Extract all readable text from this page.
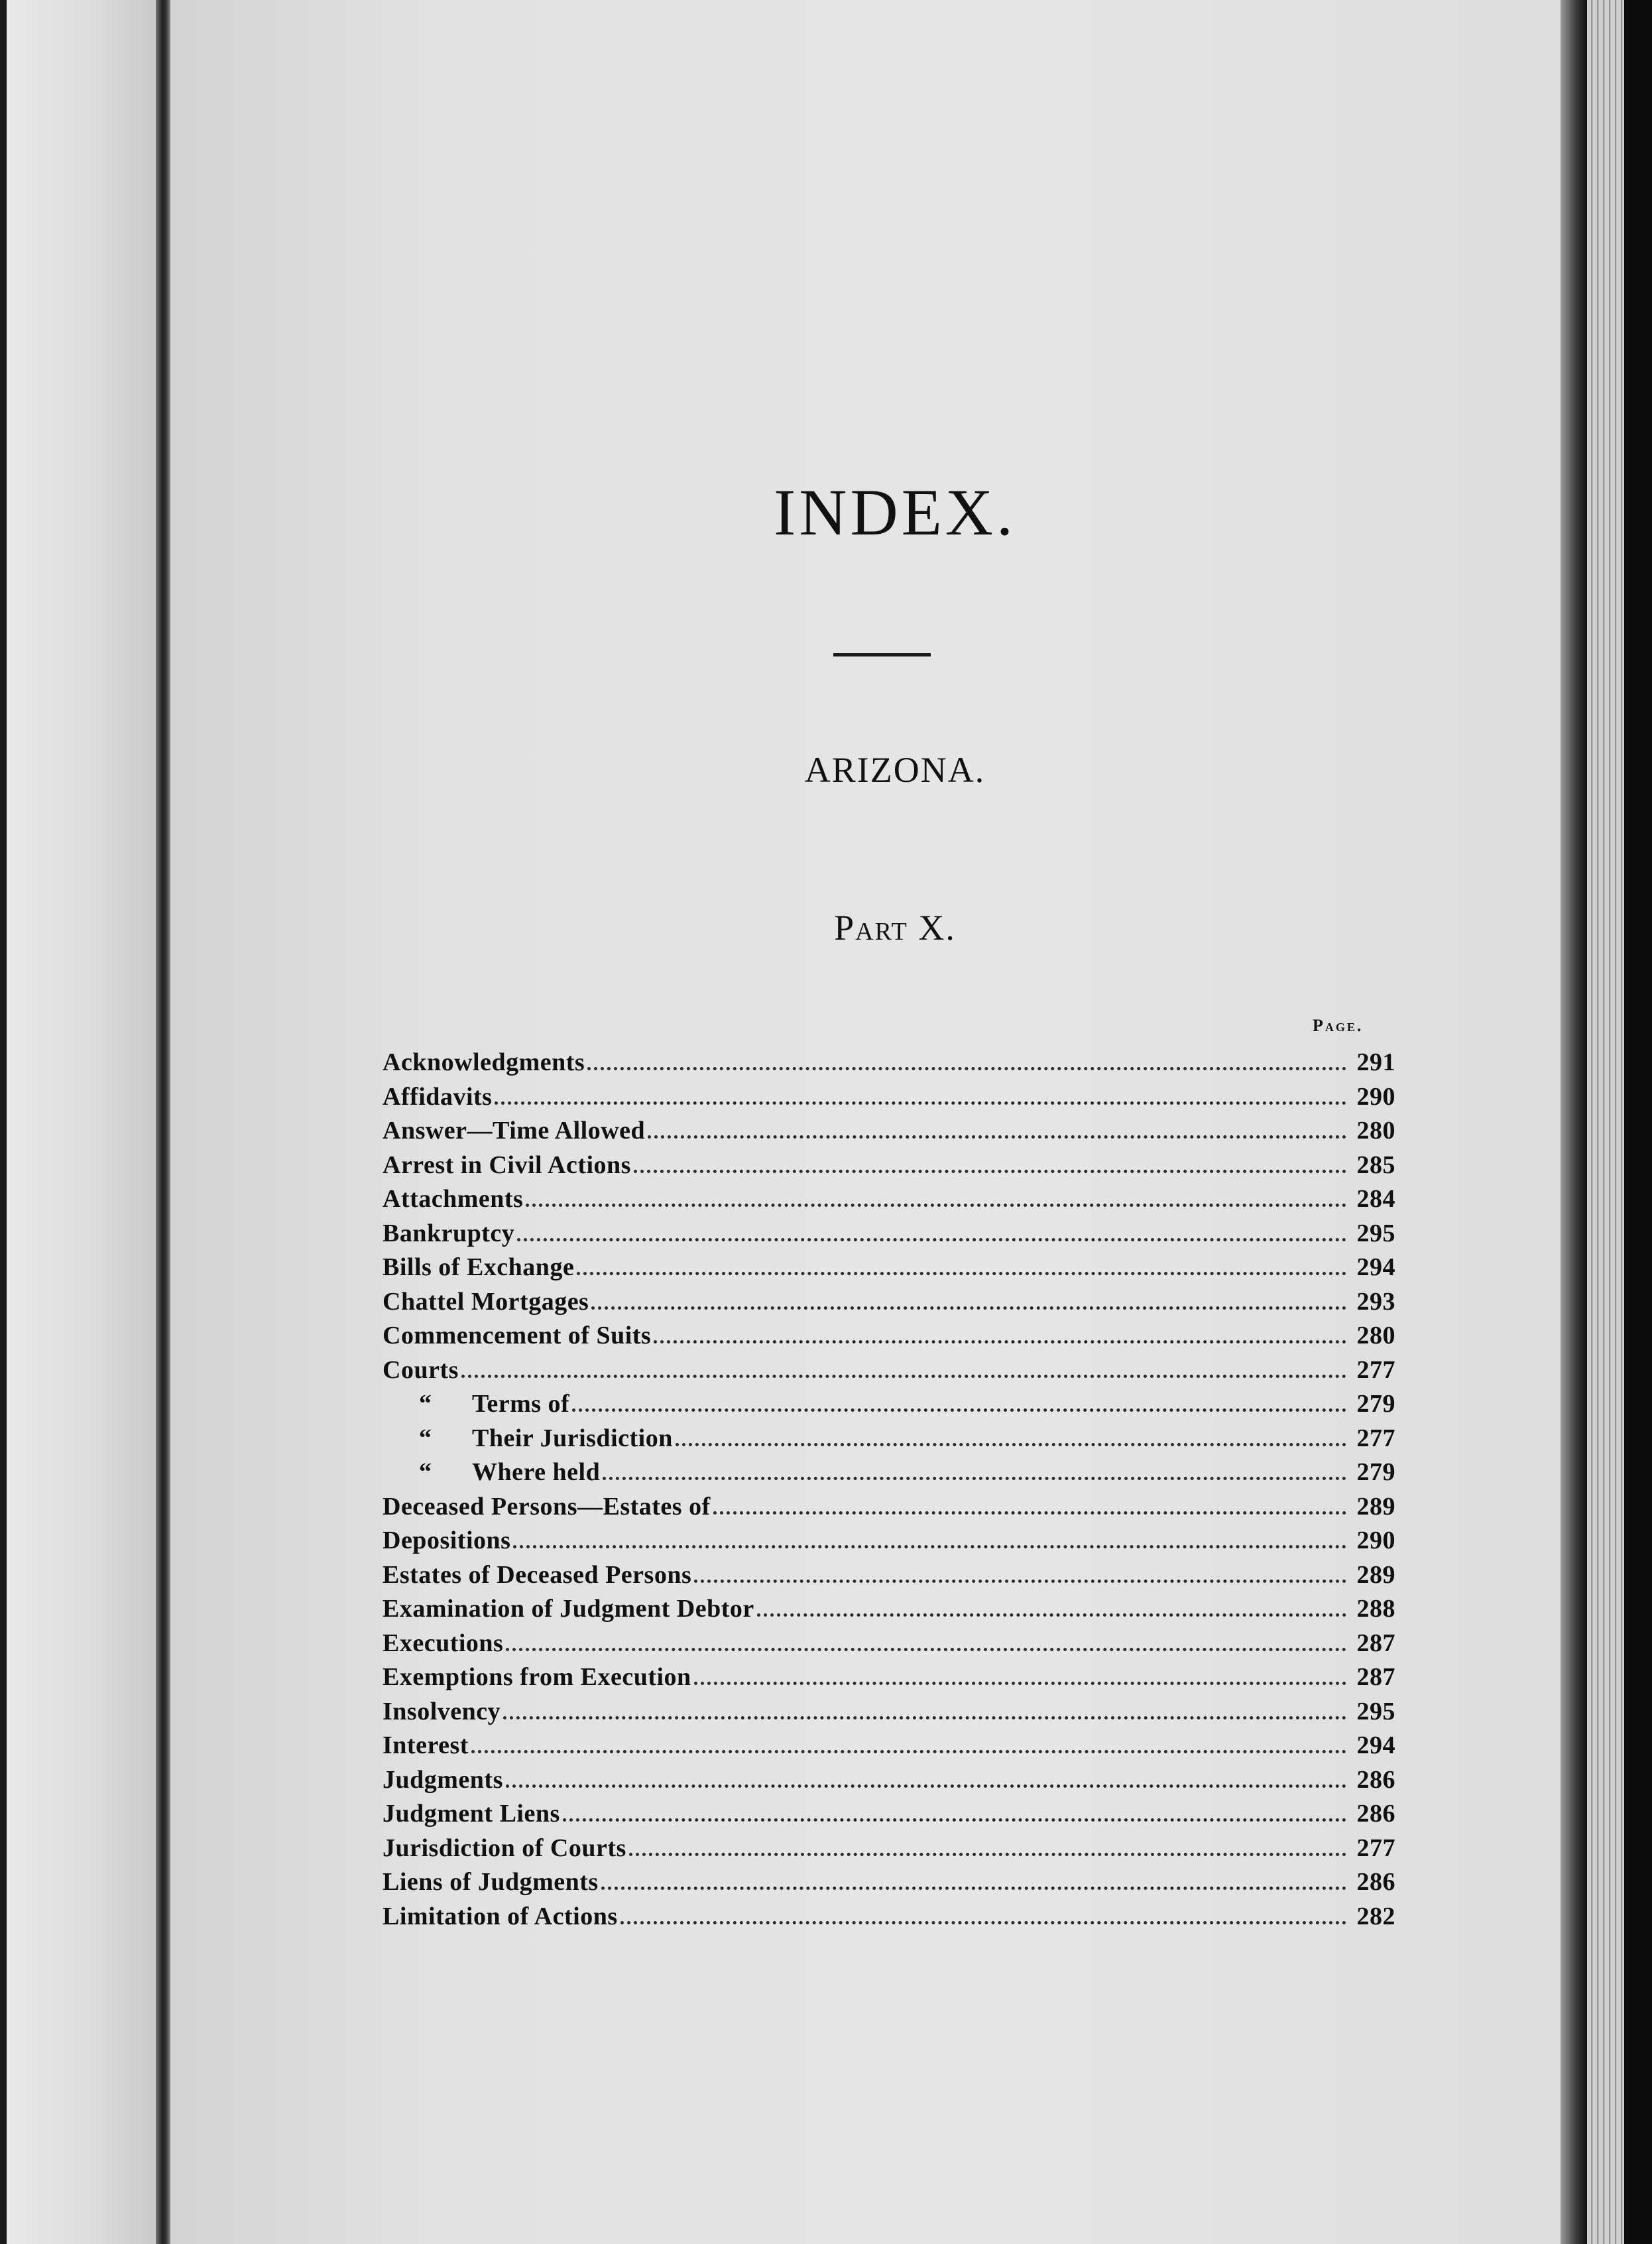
INDEX.
ARIZONA.
Part X.
Page.
Acknowledgments	291
Affidavits	290
Answer—Time Allowed	280
Arrest in Civil Actions	285
Attachments	284
Bankruptcy	295
Bills of Exchange	294
Chattel Mortgages	293
Commencement of Suits	280
Courts	277
“	Terms of	279
“	Their Jurisdiction	277
“	Where held	279
Deceased Persons—Estates of	289
Depositions	290
Estates of Deceased Persons	289
Examination of Judgment Debtor	288
Executions	287
Exemptions from Execution	287
Insolvency	295
Interest	294
Judgments	286
Judgment Liens	286
Jurisdiction of Courts	277
Liens of Judgments	286
Limitation of Actions	282
